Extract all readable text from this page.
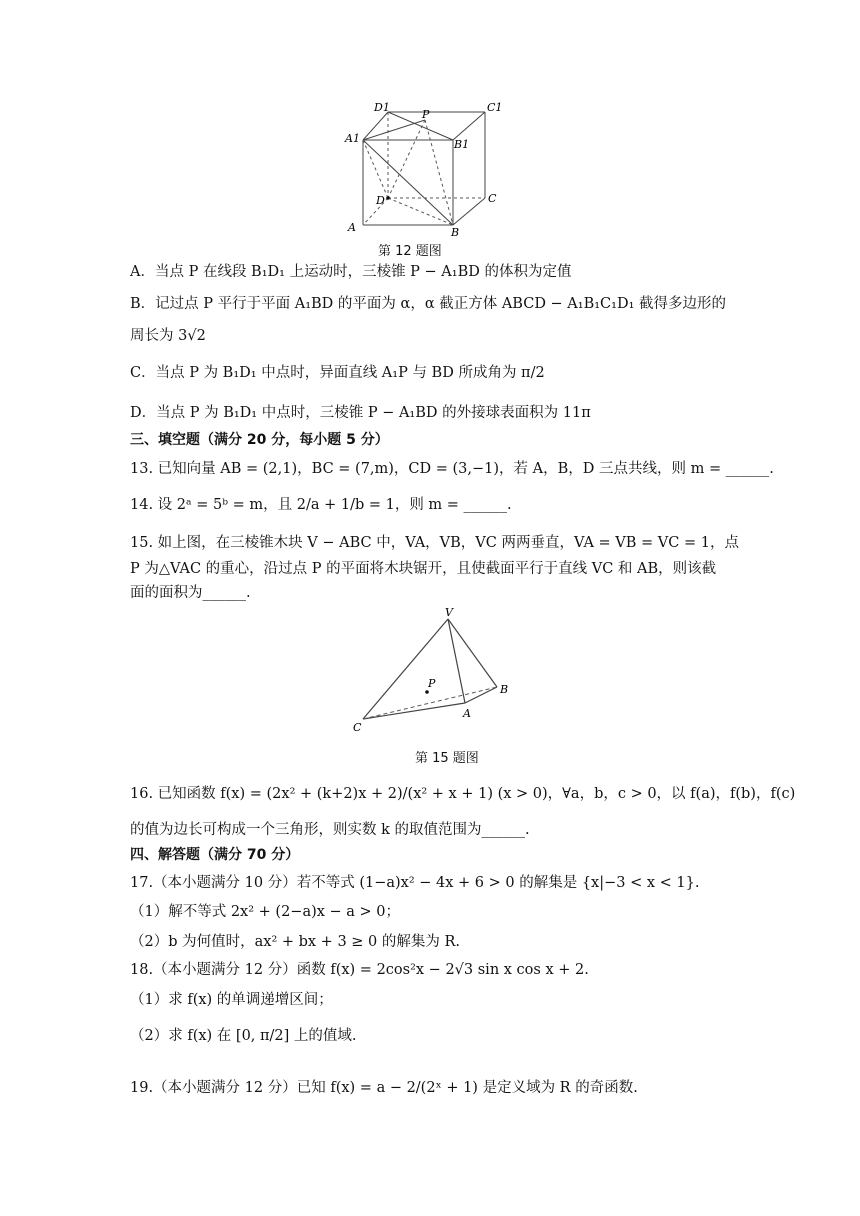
D1	C1
A1	B1
P
D	C
A	B
第 12 题图
A．当点 P 在线段 B₁D₁ 上运动时，三棱锥 P − A₁BD 的体积为定值
B．记过点 P 平行于平面 A₁BD 的平面为 α，α 截正方体 ABCD − A₁B₁C₁D₁ 截得多边形的
周长为 3√2
C．当点 P 为 B₁D₁ 中点时，异面直线 A₁P 与 BD 所成角为 π/2
D．当点 P 为 B₁D₁ 中点时，三棱锥 P − A₁BD 的外接球表面积为 11π
三、填空题（满分 20 分，每小题 5 分）
13. 已知向量 AB = (2,1)，BC = (7,m)，CD = (3,−1)，若 A，B，D 三点共线，则 m = ______.
14. 设 2ᵃ = 5ᵇ = m，且 2/a + 1/b = 1，则 m = ______.
15. 如上图，在三棱锥木块 V − ABC 中，VA，VB，VC 两两垂直，VA = VB = VC = 1，点
P 为△VAC 的重心，沿过点 P 的平面将木块锯开，且使截面平行于直线 VC 和 AB，则该截
面的面积为______.
V
P	B
C
A
第 15 题图
16. 已知函数 f(x) = (2x² + (k+2)x + 2)/(x² + x + 1) (x > 0)，∀a，b，c > 0，以 f(a)，f(b)，f(c)
的值为边长可构成一个三角形，则实数 k 的取值范围为______.
四、解答题（满分 70 分）
17.（本小题满分 10 分）若不等式 (1−a)x² − 4x + 6 > 0 的解集是 {x|−3 < x < 1}.
（1）解不等式 2x² + (2−a)x − a > 0；
（2）b 为何值时，ax² + bx + 3 ≥ 0 的解集为 R.
18.（本小题满分 12 分）函数 f(x) = 2cos²x − 2√3 sin x cos x + 2.
（1）求 f(x) 的单调递增区间；
（2）求 f(x) 在 [0, π/2] 上的值域.
19.（本小题满分 12 分）已知 f(x) = a − 2/(2ˣ + 1) 是定义域为 R 的奇函数.
